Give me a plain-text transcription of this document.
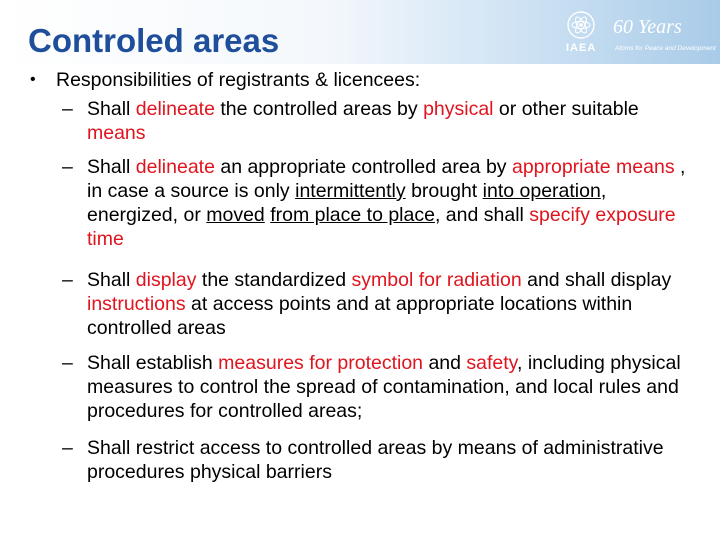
Controled areas	IAEA
60 Years
Atoms for Peace and Development
• Responsibilities of registrants & licencees:
– Shall delineate the controlled areas by physical or other suitable means
– Shall delineate an appropriate controlled area by appropriate means , in case a source is only intermittently brought into operation, energized, or moved from place to place, and shall specify exposure time
– Shall display the standardized symbol for radiation and shall display instructions at access points and at appropriate locations within controlled areas
– Shall establish measures for protection and safety, including physical measures to control the spread of contamination, and local rules and procedures for controlled areas;
– Shall restrict access to controlled areas by means of administrative procedures physical barriers
